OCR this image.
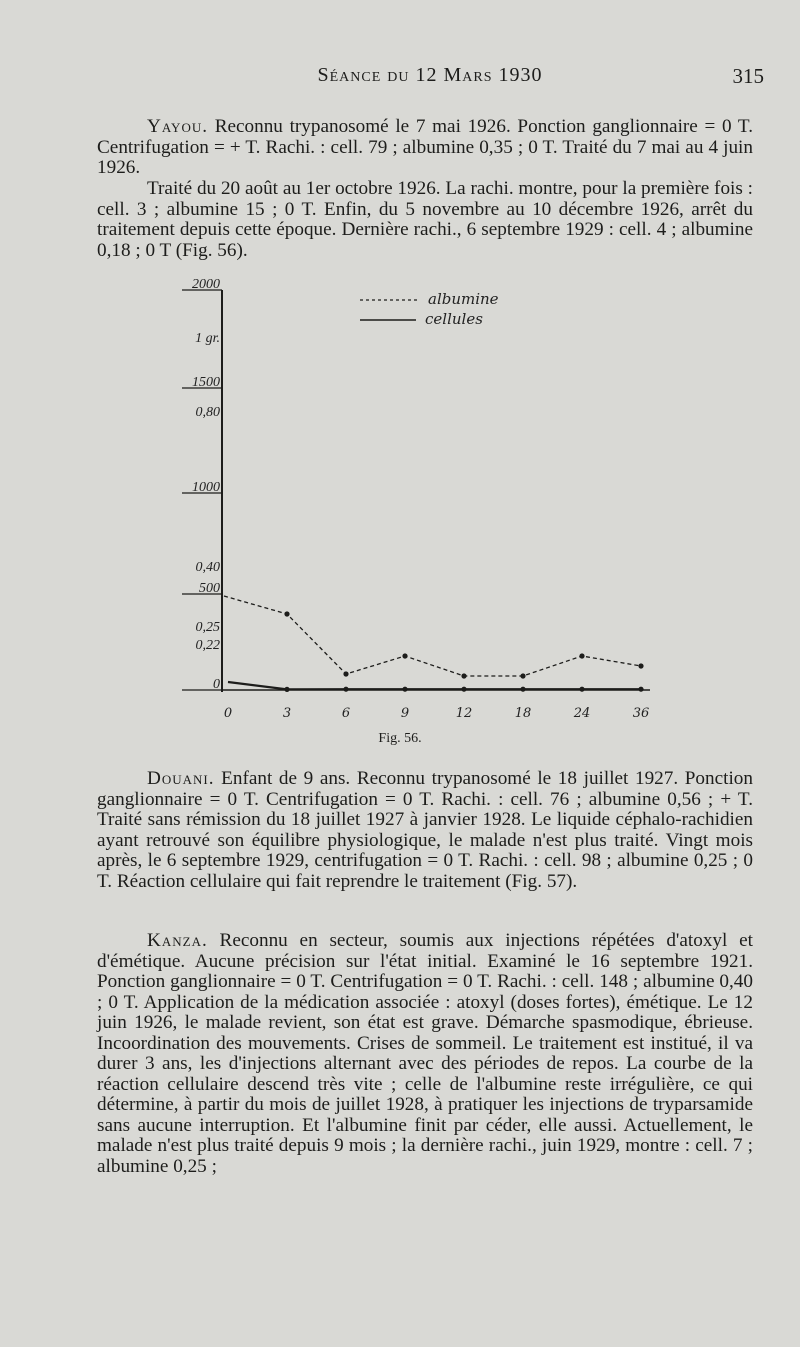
Séance du 12 Mars 1930	315

Yayou. Reconnu trypanosomé le 7 mai 1926. Ponction ganglionnaire = 0 T. Centrifugation = + T. Rachi. : cell. 79 ; albumine 0,35 ; 0 T. Traité du 7 mai au 4 juin 1926.

Traité du 20 août au 1er octobre 1926. La rachi. montre, pour la première fois : cell. 3 ; albumine 15 ; 0 T. Enfin, du 5 novembre au 10 décembre 1926, arrêt du traitement depuis cette époque. Dernière rachi., 6 septembre 1929 : cell. 4 ; albumine 0,18 ; 0 T (Fig. 56).

2000
1 gr.
1500
0,80
1000
0,40
500
0,25
0,22
0
0	3	6	9	12	18	24	36
albumine
cellules
Fig. 56.

Douani. Enfant de 9 ans. Reconnu trypanosomé le 18 juillet 1927. Ponction ganglionnaire = 0 T. Centrifugation = 0 T. Rachi. : cell. 76 ; albumine 0,56 ; + T. Traité sans rémission du 18 juillet 1927 à janvier 1928. Le liquide céphalo-rachidien ayant retrouvé son équilibre physiologique, le malade n'est plus traité. Vingt mois après, le 6 septembre 1929, centrifugation = 0 T. Rachi. : cell. 98 ; albumine 0,25 ; 0 T. Réaction cellulaire qui fait reprendre le traitement (Fig. 57).

Kanza. Reconnu en secteur, soumis aux injections répétées d'atoxyl et d'émétique. Aucune précision sur l'état initial. Examiné le 16 septembre 1921. Ponction ganglionnaire = 0 T. Centrifugation = 0 T. Rachi. : cell. 148 ; albumine 0,40 ; 0 T. Application de la médication associée : atoxyl (doses fortes), émétique. Le 12 juin 1926, le malade revient, son état est grave. Démarche spasmodique, ébrieuse. Incoordination des mouvements. Crises de sommeil. Le traitement est institué, il va durer 3 ans, les d'injections alternant avec des périodes de repos. La courbe de la réaction cellulaire descend très vite ; celle de l'albumine reste irrégulière, ce qui détermine, à partir du mois de juillet 1928, à pratiquer les injections de tryparsamide sans aucune interruption. Et l'albumine finit par céder, elle aussi. Actuellement, le malade n'est plus traité depuis 9 mois ; la dernière rachi., juin 1929, montre : cell. 7 ; albumine 0,25 ;
